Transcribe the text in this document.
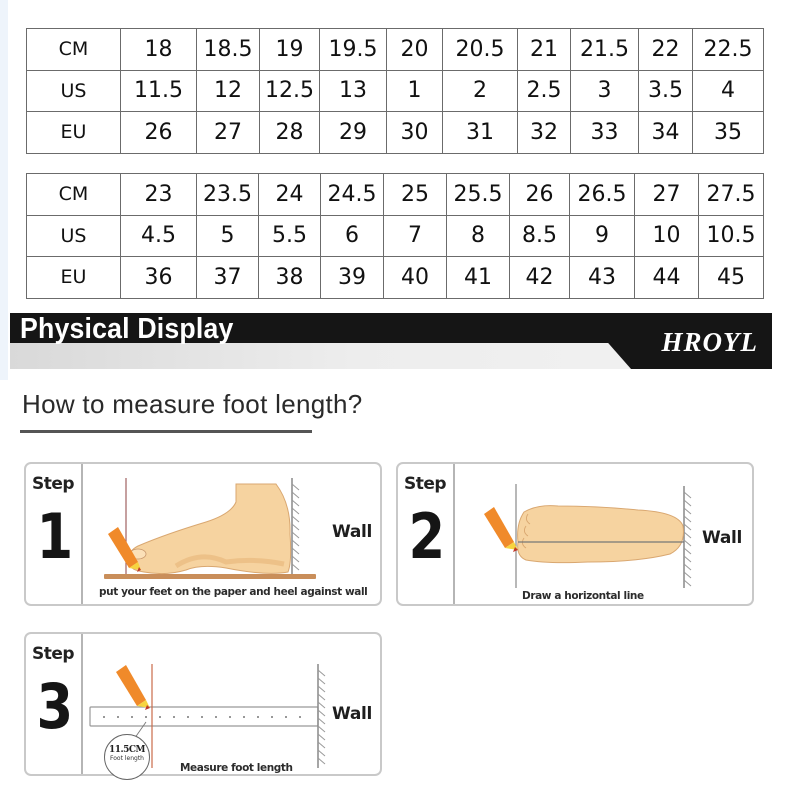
CM	18	18.5	19	19.5	20	20.5	21	21.5	22	22.5
US	11.5	12	12.5	13	1	2	2.5	3	3.5	4
EU	26	27	28	29	30	31	32	33	34	35
CM	23	23.5	24	24.5	25	25.5	26	26.5	27	27.5
US	4.5	5	5.5	6	7	8	8.5	9	10	10.5
EU	36	37	38	39	40	41	42	43	44	45
Physical Display	HROYL
How to measure foot length?
Step
1	Wall
put your feet on the paper and heel against wall
Step
2	Wall
Draw a horizontal line
Step
3
11.5CM
Foot length
Wall
Measure foot length
